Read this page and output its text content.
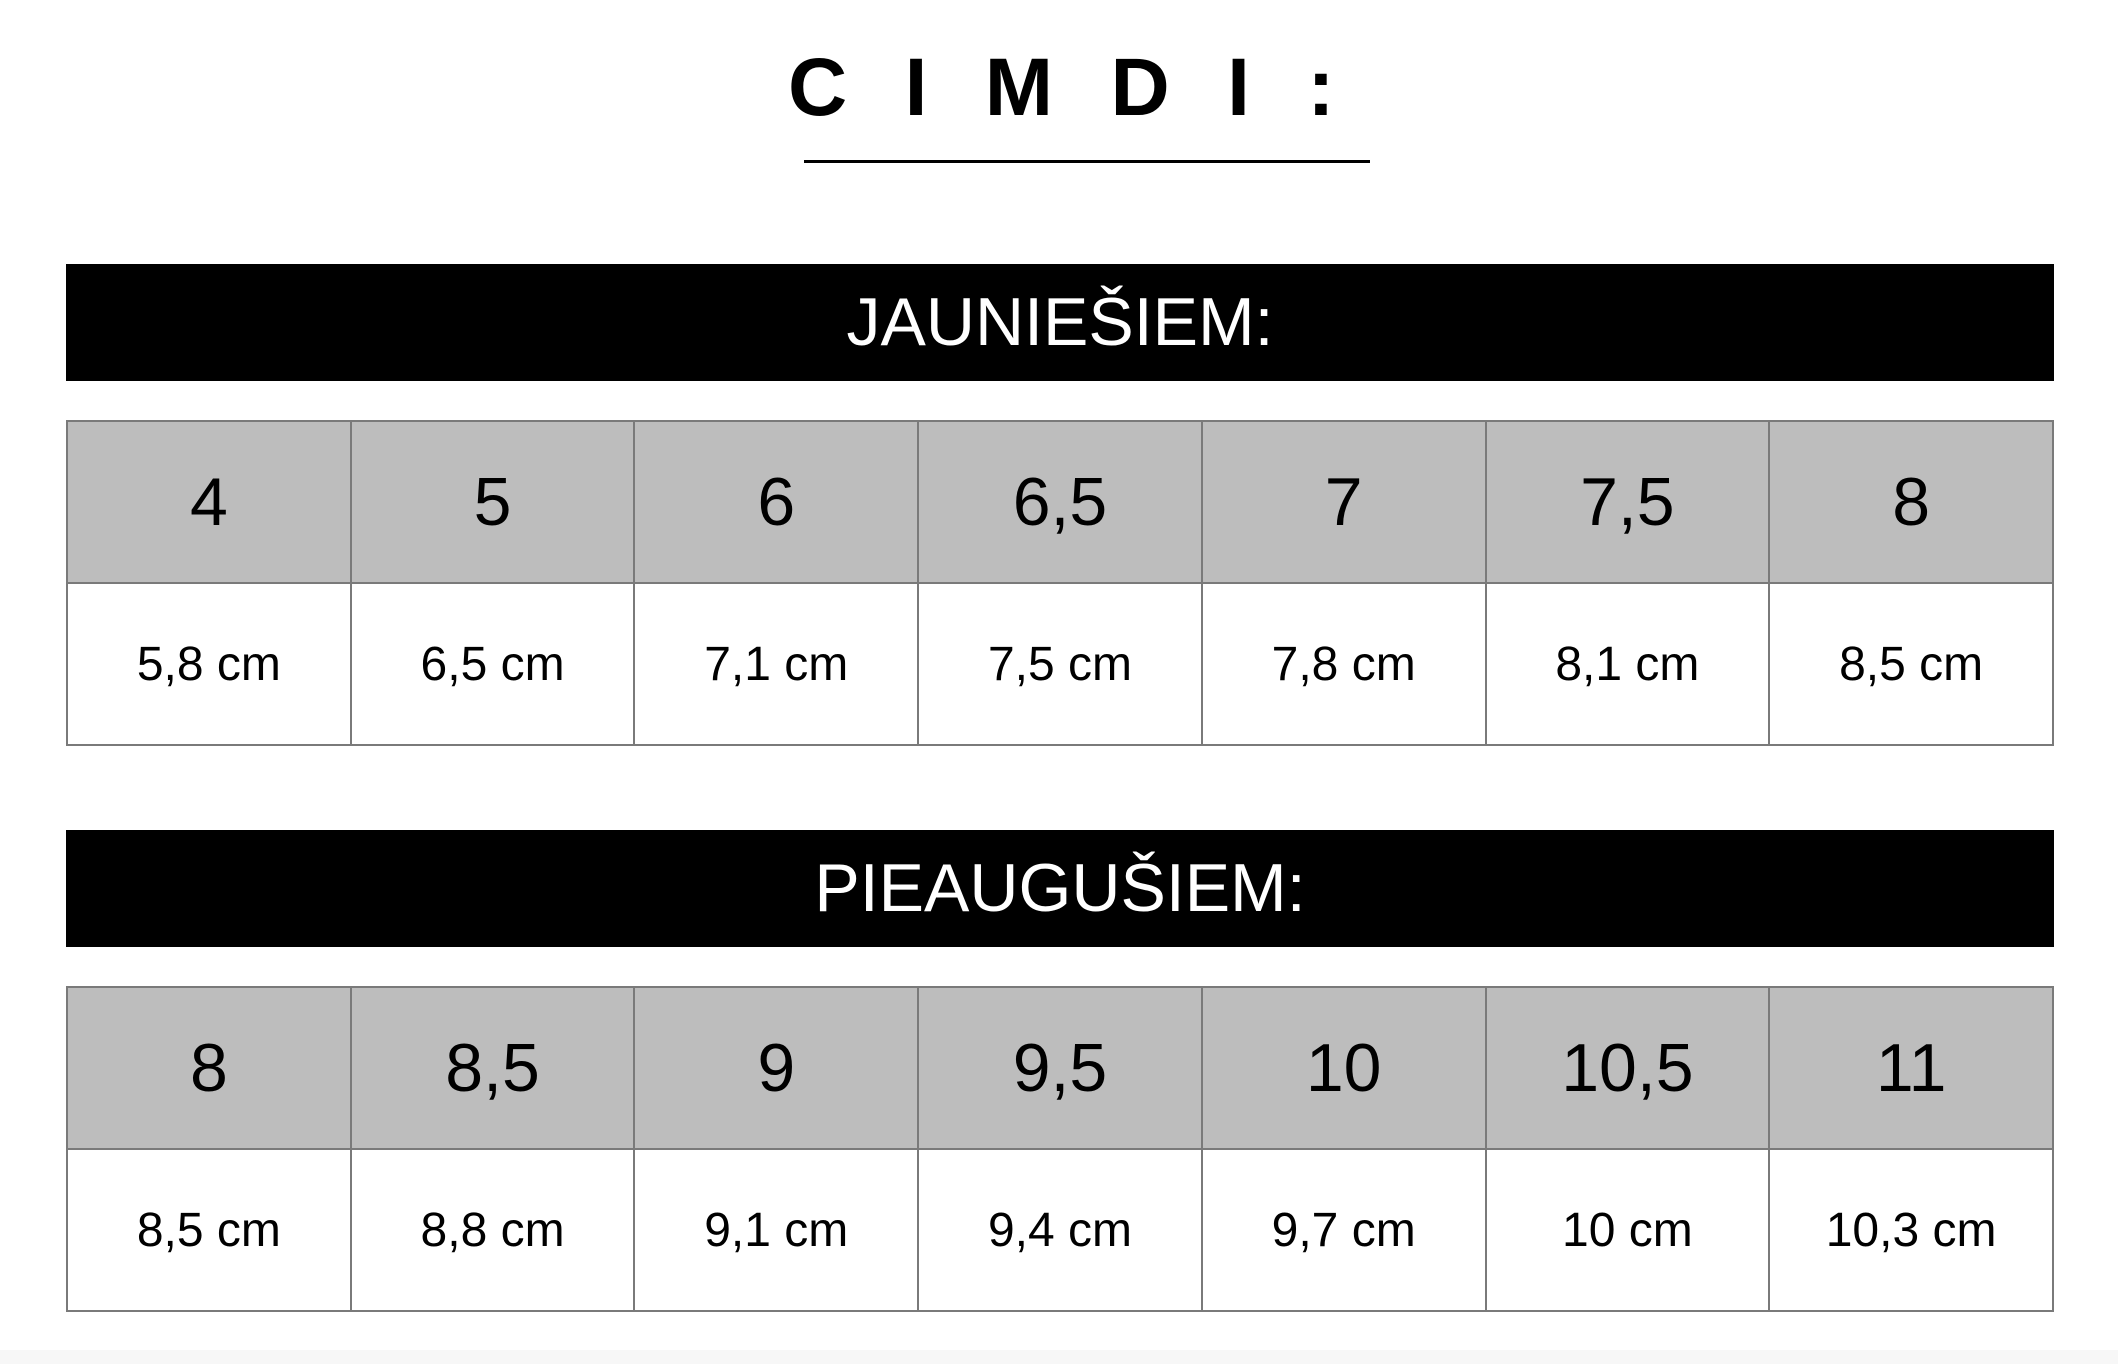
CIMDI:
JAUNIEŠIEM:
4	5	6	6,5	7	7,5	8
5,8 cm	6,5 cm	7,1 cm	7,5 cm	7,8 cm	8,1 cm	8,5 cm
PIEAUGUŠIEM:
8	8,5	9	9,5	10	10,5	11
8,5 cm	8,8 cm	9,1 cm	9,4 cm	9,7 cm	10 cm	10,3 cm
